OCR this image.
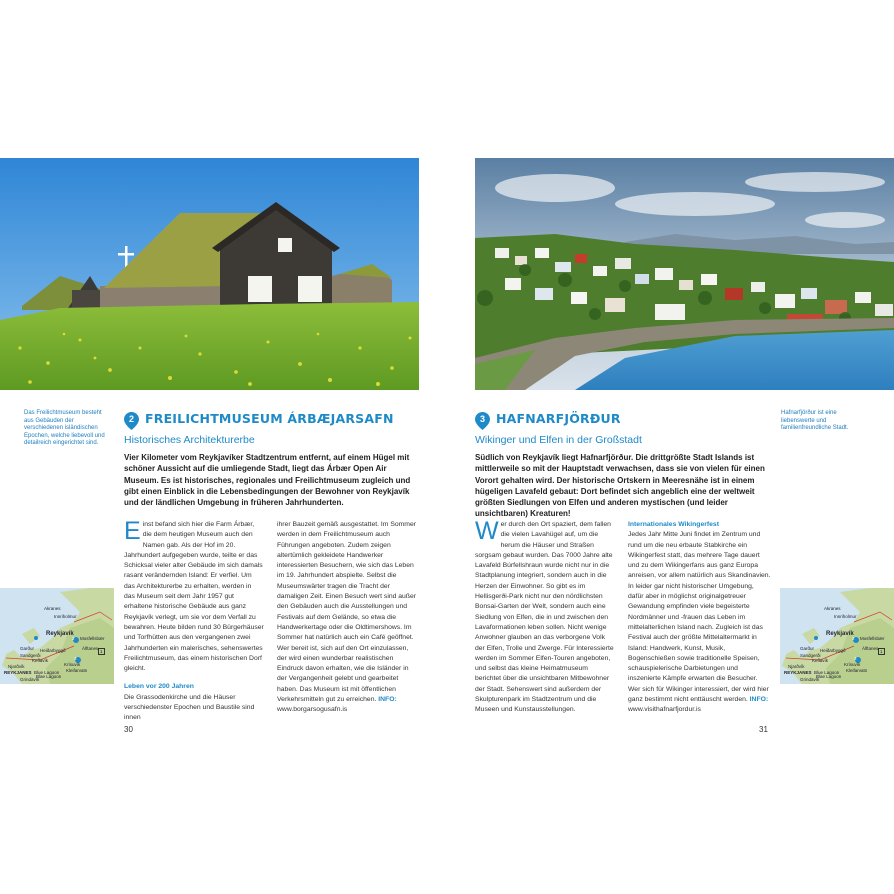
Das Freilichtmuseum besteht aus Gebäuden der verschiedenen isländischen Epochen, welche liebevoll und detailreich eingerichtet sind.
2 FREILICHTMUSEUM ÁRBÆJARSAFN
Historisches Architekturerbe
Vier Kilometer vom Reykjavíker Stadtzentrum entfernt, auf einem Hügel mit schöner Aussicht auf die umliegende Stadt, liegt das Árbær Open Air Museum. Es ist historisches, regionales und Freilichtmuseum zugleich und gibt einen Einblick in die Lebensbedingungen der Bewohner von Reykjavík und der ländlichen Umgebung in früheren Jahrhunderten.

Einst befand sich hier die Farm Árbær, die dem heutigen Museum auch den Namen gab. Als der Hof im 20. Jahrhundert aufgegeben wurde, teilte er das Schicksal vieler alter Gebäude im sich damals rasant verändernden Island: Er verfiel. Um das Architekturerbe zu erhalten, werden in das Museum seit dem Jahr 1957 gut erhaltene historische Gebäude aus ganz Reykjavík verlegt, um sie vor dem Verfall zu bewahren. Heute bilden rund 30 Bürgerhäuser und Torfhütten aus den vergangenen zwei Jahrhunderten ein malerisches, sehenswertes Freilichtmuseum, das einem historischen Dorf gleicht.

Leben vor 200 Jahren

Die Grassodenkirche und die Häuser verschiedenster Epochen und Baustile sind innen

ihrer Bauzeit gemäß ausgestattet. Im Sommer werden in dem Freilichtmuseum auch Führungen angeboten. Zudem zeigen altertümlich gekleidete Handwerker interessierten Besuchern, wie sich das Leben im 19. Jahrhundert abspielte. Selbst die Museumswärter tragen die Tracht der damaligen Zeit. Einen Besuch wert sind außer den Gebäuden auch die Ausstellungen und Festivals auf dem Gelände, so etwa die Handwerkertage oder die Oldtimershows. Im Sommer hat natürlich auch ein Café geöffnet. Wer bereit ist, sich auf den Ort einzulassen, der wird einen wunderbar realistischen Eindruck davon erhalten, wie die Isländer in der Vergangenheit gelebt und gearbeitet haben. Das Museum ist mit öffentlichen Verkehrsmitteln gut zu erreichen. INFO: www.borgarsogusafn.is

30
Akranes
Innriholmur
Reykjavík
Mosfellsbær
Garður Heiðarbyggð
Sandgerði
Keflavík
Njarðvík
REYKJANES Blue Lagoon
Grindavík
Álftanes
Krísuvík
Kleifarvatn
Blae Lagoon
1
2
3
Hafnarfjörður ist eine liebenswerte und familienfreundliche Stadt.
3 HAFNARFJÖRÐUR
Wikinger und Elfen in der Großstadt
Südlich von Reykjavík liegt Hafnarfjörður. Die drittgrößte Stadt Islands ist mittlerweile so mit der Hauptstadt verwachsen, dass sie von vielen für einen Vorort gehalten wird. Der historische Ortskern in Meeresnähe ist in einem hügeligen Lavafeld gebaut: Dort befindet sich angeblich eine der weltweit größten Siedlungen von Elfen und anderen mystischen (und leider unsichtbaren) Kreaturen!

Wer durch den Ort spaziert, dem fallen die vielen Lavahügel auf, um die herum die Häuser und Straßen sorgsam gebaut wurden. Das 7000 Jahre alte Lavafeld Búrfellshraun wurde nicht nur in die Stadtplanung integriert, sondern auch in die Herzen der Einwohner. So gibt es im Hellisgerði-Park nicht nur den nördlichsten Bonsai-Garten der Welt, sondern auch eine Siedlung von Elfen, die in und zwischen den Lavaformationen leben sollen. Nicht wenige Anwohner glauben an das verborgene Volk der Elfen, Trolle und Zwerge. Für Interessierte werden im Sommer Elfen-Touren angeboten, und selbst das kleine Heimatmuseum berichtet über die unsichtbaren Mitbewohner der Stadt. Sehenswert sind außerdem der Skulpturenpark im Stadtzentrum und die Museen und Kunstausstellungen.

Internationales Wikingerfest

Jedes Jahr Mitte Juni findet im Zentrum und rund um die neu erbaute Stabkirche ein Wikingerfest statt, das mehrere Tage dauert und zu dem Wikingerfans aus ganz Europa anreisen, vor allem natürlich aus Skandinavien. In leider gar nicht historischer Umgebung, dafür aber in möglichst originalgetreuer Gewandung empfinden viele begeisterte Nordmänner und -frauen das Leben im mittelalterlichen Island nach. Zugleich ist das Festival auch der größte Mittelaltermarkt in Island: Handwerk, Kunst, Musik, Bogenschießen sowie traditionelle Speisen, schauspielerische Darbietungen und inszenierte Kämpfe erwarten die Besucher. Wer sich für Wikinger interessiert, der wird hier ganz bestimmt nicht enttäuscht werden. INFO: www.visithafnarfjordur.is

31
Akranes
Innriholmur
Reykjavík
Mosfellsbær
Garður Heiðarbyggð
Sandgerði
Keflavík
Njarðvík
REYKJANES Blue Lagoon
Grindavík
Álftanes
Krísuvík
Kleifarvatn
Blae Lagoon
1
2
3
